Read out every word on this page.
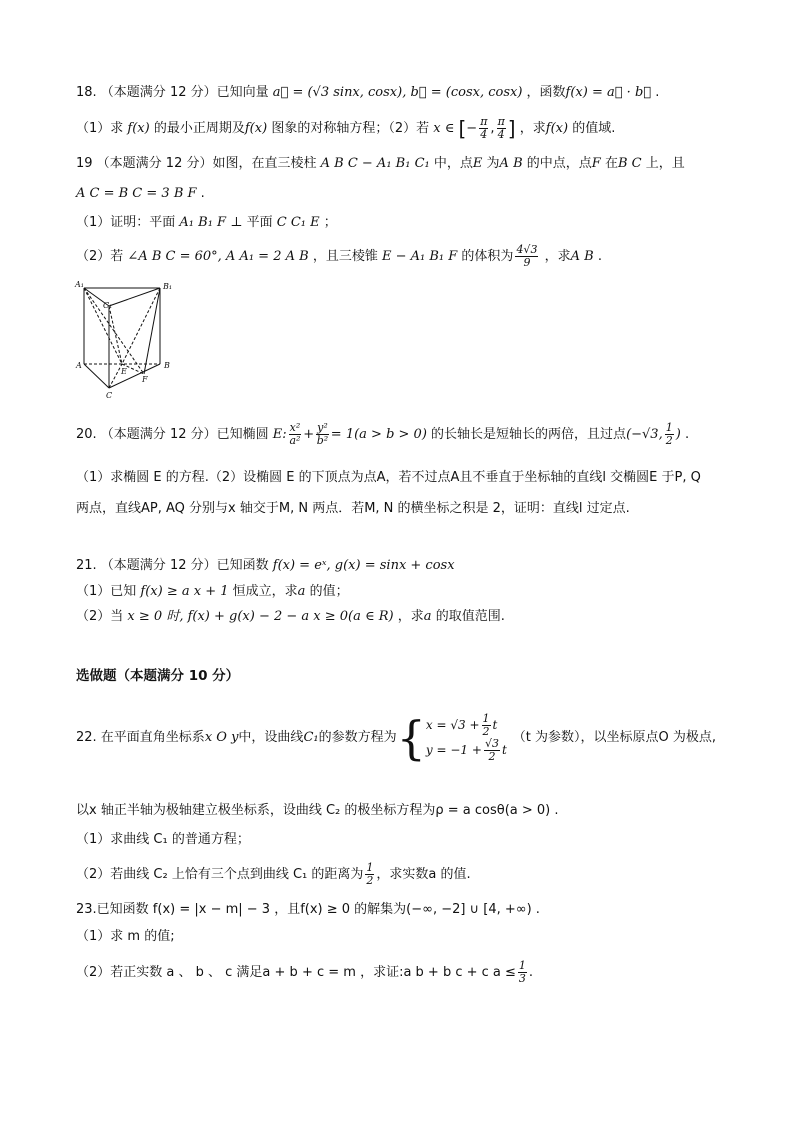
18. （本题满分 12 分）已知向量 a⃗ = (√3 sinx, cosx), b⃗ = (cosx, cosx) ，函数f(x) = a⃗ · b⃗ .
（1）求 f(x) 的最小正周期及f(x) 图象的对称轴方程；（2）若 x ∈ [− $\frac{\pi}{4}$ , $\frac{\pi}{4}$ ] ，求f(x) 的值域.
19 （本题满分 12 分）如图，在直三棱柱 A B C − A₁ B₁ C₁ 中，点E 为A B 的中点，点F 在B C 上，且
A C = B C = 3 B F .
（1）证明：平面 A₁ B₁ F ⊥ 平面 C C₁ E ；
（2）若 ∠A B C = 60°, A A₁ = 2 A B ，且三棱锥 E − A₁ B₁ F 的体积为 $\frac{4√3}{9}$ ，求A B .
A₁	B₁
C₁
A	B
C
E
F
20. （本题满分 12 分）已知椭圆 E: $\frac{\text{x²}}{\text{a²}} + \frac{\text{y²}}{\text{b²}} = 1(a > b > 0)$ 的长轴长是短轴长的两倍，且过点(−√3, $\frac{1}{2}$ ) .
（1）求椭圆 E 的方程.（2）设椭圆 E 的下顶点为点A，若不过点A且不垂直于坐标轴的直线l 交椭圆E 于P, Q
两点，直线AP, AQ 分别与x 轴交于M, N 两点．若M, N 的横坐标之积是 2，证明：直线l 过定点.
21. （本题满分 12 分）已知函数 f(x) = eˣ, g(x) = sinx + cosx
（1）已知 f(x) ≥ a x + 1 恒成立，求a 的值；
（2）当 x ≥ 0 时, f(x) + g(x) − 2 − a x ≥ 0(a ∈ R) ，求a 的取值范围.
选做题（本题满分 10 分）
22. 在平面直角坐标系 x O y 中，设曲线 C₁ 的参数方程为 { $x = √3 + \frac{1}{2}$ t
$y = -1 + \frac{√3}{2}$ t
（t 为参数），以坐标原点O 为极点,
以x 轴正半轴为极轴建立极坐标系，设曲线 C₂ 的极坐标方程为ρ = a cosθ(a > 0) .
（1）求曲线 C₁ 的普通方程；
（2）若曲线 C₂ 上恰有三个点到曲线 C₁ 的距离为 $\frac{1}{2}$ ，求实数a 的值.
23.已知函数 f(x) = |x − m| − 3 ，且f(x) ≥ 0 的解集为(−∞, −2] ∪ [4, +∞) .
（1）求 m 的值;
（2）若正实数 a 、 b 、 c 满足a + b + c = m ，求证:a b + b c + c $a \le \frac{1}{3}$ .
